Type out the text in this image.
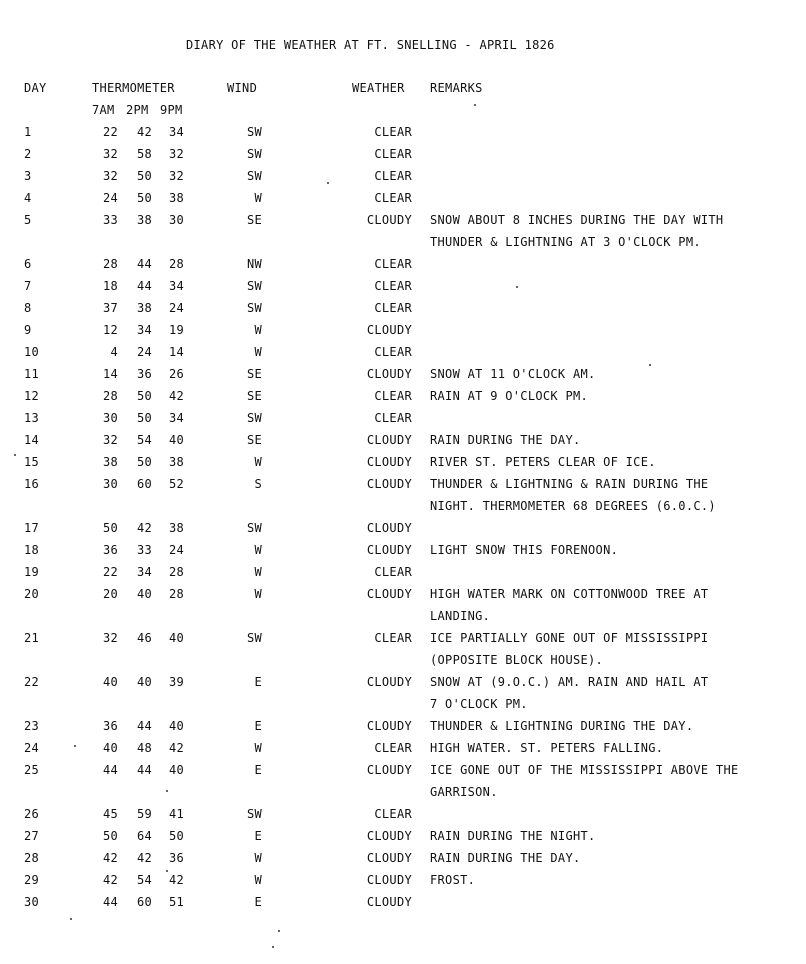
DIARY OF THE WEATHER AT FT. SNELLING - APRIL 1826
DAY	THERMOMETER	WIND	WEATHER REMARKS
7AM 2PM 9PM
1	22	42	34	SW	CLEAR
2	32	58	32	SW	CLEAR
3	32	50	32	SW	CLEAR
4	24	50	38	W	CLEAR
5	33	38	30	SE	CLOUDY SNOW ABOUT 8 INCHES DURING THE DAY WITH
THUNDER & LIGHTNING AT 3 O'CLOCK PM.
6	28	44	28	NW	CLEAR
7	18	44	34	SW	CLEAR
8	37	38	24	SW	CLEAR
9	12	34	19	W	CLOUDY
10	4	24	14	W	CLEAR
11	14	36	26	SE	CLOUDY SNOW AT 11 O'CLOCK AM.
12	28	50	42	SE	CLEAR RAIN AT 9 O'CLOCK PM.
13	30	50	34	SW	CLEAR
14	32	54	40	SE	CLOUDY RAIN DURING THE DAY.
15	38	50	38	W	CLOUDY RIVER ST. PETERS CLEAR OF ICE.
16	30	60	52	S	CLOUDY THUNDER & LIGHTNING & RAIN DURING THE
NIGHT. THERMOMETER 68 DEGREES (6.0.C.)
17	50	42	38	SW	CLOUDY
18	36	33	24	W	CLOUDY LIGHT SNOW THIS FORENOON.
19	22	34	28	W	CLEAR
20	20	40	28	W	CLOUDY HIGH WATER MARK ON COTTONWOOD TREE AT
LANDING.
21	32	46	40	SW	CLEAR ICE PARTIALLY GONE OUT OF MISSISSIPPI
(OPPOSITE BLOCK HOUSE).
22	40	40	39	E	CLOUDY SNOW AT (9.O.C.) AM. RAIN AND HAIL AT
7 O'CLOCK PM.
23	36	44	40	E	CLOUDY THUNDER & LIGHTNING DURING THE DAY.
24	40	48	42	W	CLEAR HIGH WATER. ST. PETERS FALLING.
25	44	44	40	E	CLOUDY ICE GONE OUT OF THE MISSISSIPPI ABOVE THE
GARRISON.
26	45	59	41	SW	CLEAR
27	50	64	50	E	CLOUDY RAIN DURING THE NIGHT.
28	42	42	36	W	CLOUDY RAIN DURING THE DAY.
29	42	54	42	W	CLOUDY FROST.
30	44	60	51	E	CLOUDY
